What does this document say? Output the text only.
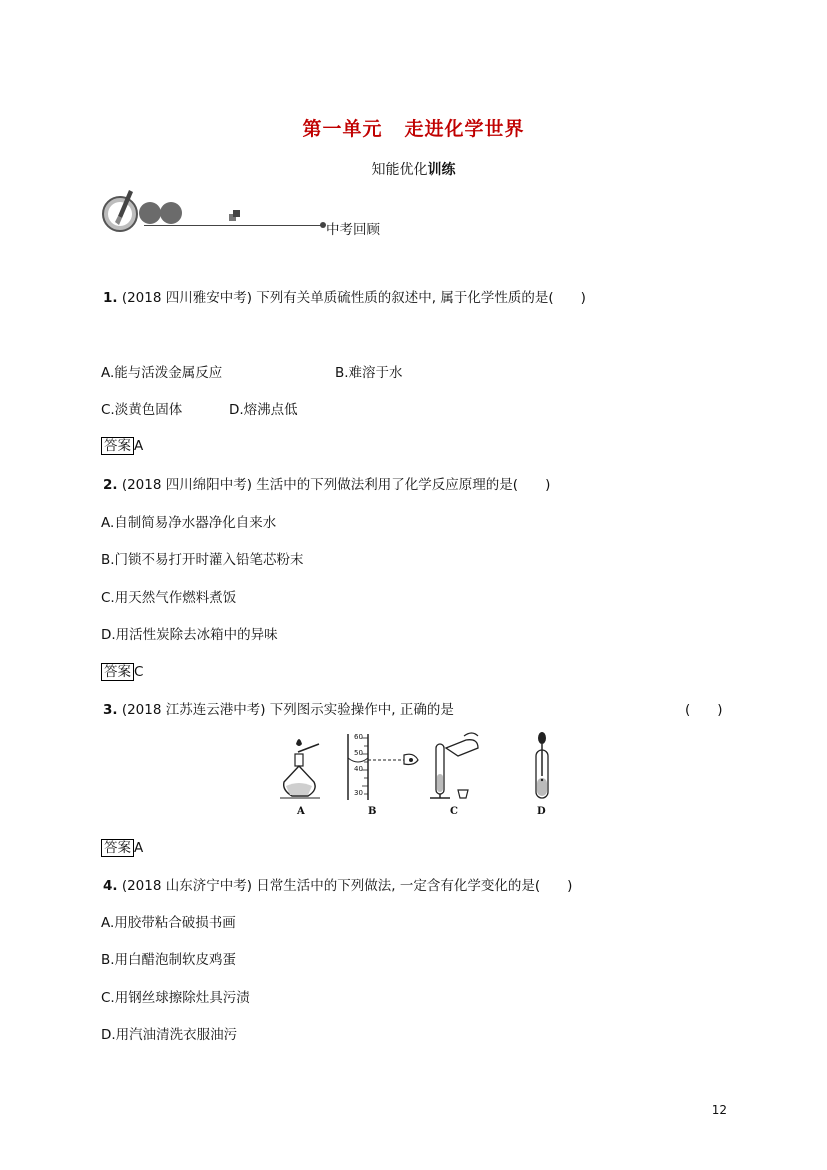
第一单元 走进化学世界
知能优化训练
中考回顾
1. (2018 四川雅安中考) 下列有关单质硫性质的叙述中, 属于化学性质的是(　　)
A.能与活泼金属反应	B.难溶于水
C.淡黄色固体	D.熔沸点低
答案 A
2. (2018 四川绵阳中考) 生活中的下列做法利用了化学反应原理的是(　　)
A.自制简易净水器净化自来水
B.门锁不易打开时灌入铅笔芯粉末
C.用天然气作燃料煮饭
D.用活性炭除去冰箱中的异味
答案 C
3. (2018 江苏连云港中考) 下列图示实验操作中, 正确的是	(　　)
A
60
50
40
30
B	C	D
答案 A
4. (2018 山东济宁中考) 日常生活中的下列做法, 一定含有化学变化的是(　　)
A.用胶带粘合破损书画
B.用白醋泡制软皮鸡蛋
C.用钢丝球擦除灶具污渍
D.用汽油清洗衣服油污
12
